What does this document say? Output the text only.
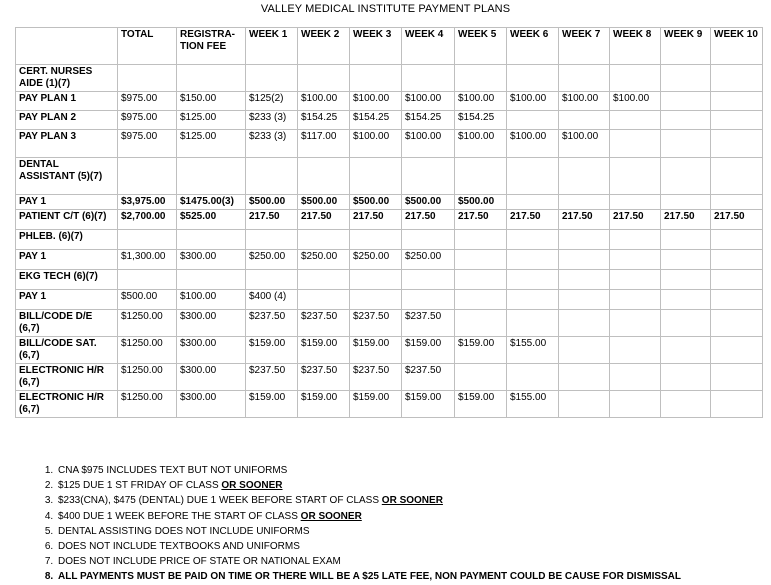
VALLEY MEDICAL INSTITUTE PAYMENT PLANS
	TOTAL	REGISTRA-TION FEE	WEEK 1	WEEK 2	WEEK 3	WEEK 4	WEEK 5	WEEK 6	WEEK 7	WEEK 8	WEEK 9	WEEK 10
CERT. NURSES AIDE (1)(7)												
PAY PLAN 1	$975.00	$150.00	$125(2)	$100.00	$100.00	$100.00	$100.00	$100.00	$100.00	$100.00		
PAY PLAN 2	$975.00	$125.00	$233 (3)	$154.25	$154.25	$154.25	$154.25					
PAY PLAN 3	$975.00	$125.00	$233 (3)	$117.00	$100.00	$100.00	$100.00	$100.00	$100.00			
DENTAL ASSISTANT (5)(7)												
PAY 1	$3,975.00	$1475.00(3)	$500.00	$500.00	$500.00	$500.00	$500.00					
PATIENT C/T (6)(7)	$2,700.00	$525.00	217.50	217.50	217.50	217.50	217.50	217.50	217.50	217.50	217.50	217.50
PHLEB. (6)(7)												
PAY 1	$1,300.00	$300.00	$250.00	$250.00	$250.00	$250.00						
EKG TECH (6)(7)												
PAY 1	$500.00	$100.00	$400 (4)									
BILL/CODE D/E (6,7)	$1250.00	$300.00	$237.50	$237.50	$237.50	$237.50						
BILL/CODE SAT. (6,7)	$1250.00	$300.00	$159.00	$159.00	$159.00	$159.00	$159.00	$155.00				
ELECTRONIC H/R (6,7)	$1250.00	$300.00	$237.50	$237.50	$237.50	$237.50						
ELECTRONIC H/R (6,7)	$1250.00	$300.00	$159.00	$159.00	$159.00	$159.00	$159.00	$155.00				
1. CNA $975 INCLUDES TEXT BUT NOT UNIFORMS
2. $125 DUE 1 ST FRIDAY OF CLASS OR SOONER
3. $233(CNA), $475 (DENTAL) DUE 1 WEEK BEFORE START OF CLASS OR SOONER
4. $400 DUE 1 WEEK BEFORE THE START OF CLASS OR SOONER
5. DENTAL ASSISTING DOES NOT INCLUDE UNIFORMS
6. DOES NOT INCLUDE TEXTBOOKS AND UNIFORMS
7. DOES NOT INCLUDE PRICE OF STATE OR NATIONAL EXAM
8. ALL PAYMENTS MUST BE PAID ON TIME OR THERE WILL BE A $25 LATE FEE, NON PAYMENT COULD BE CAUSE FOR DISMISSAL
